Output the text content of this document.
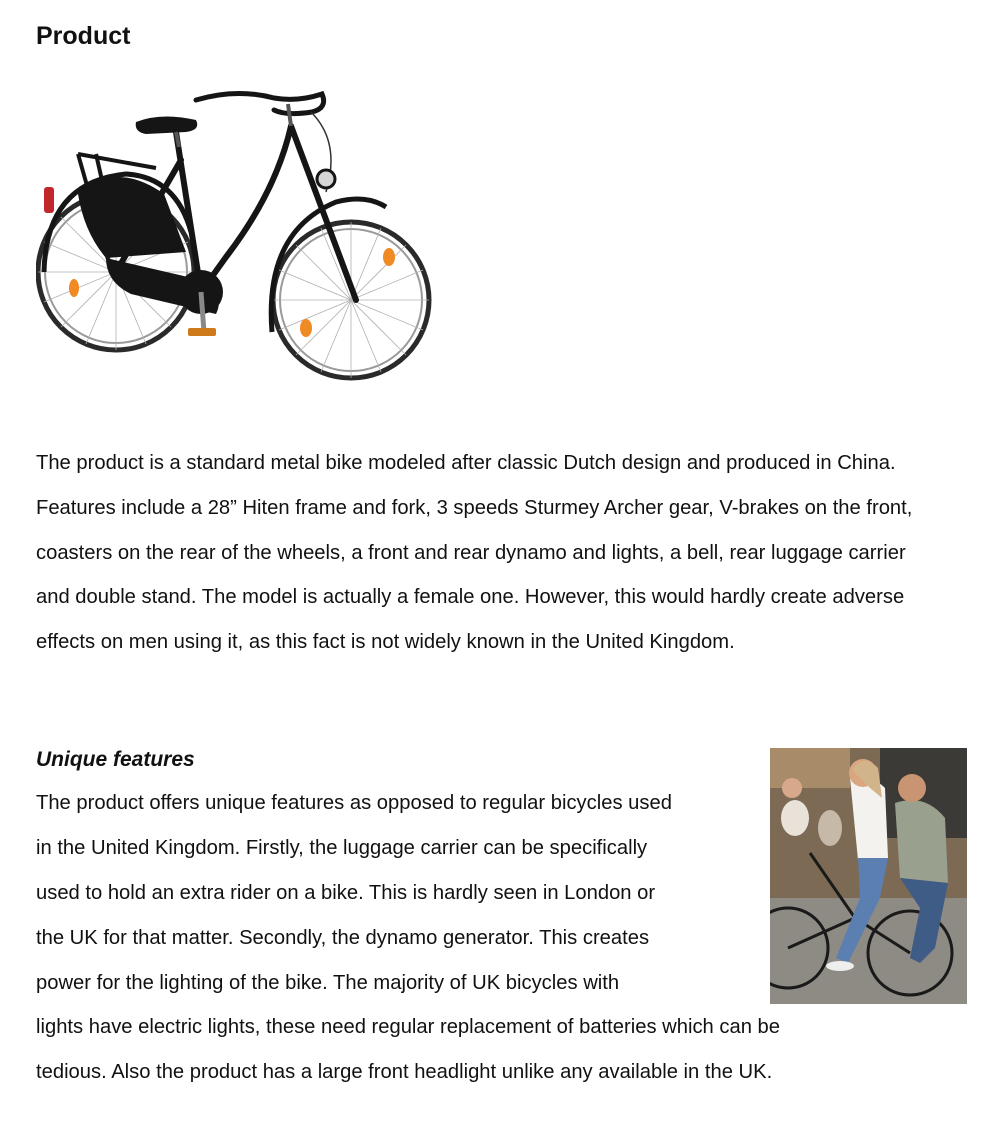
Product

The product is a standard metal bike modeled after classic Dutch design and produced in China. Features include a 28” Hiten frame and fork, 3 speeds Sturmey Archer gear, V-brakes on the front, coasters on the rear of the wheels, a front and rear dynamo and lights, a bell, rear luggage carrier and double stand. The model is actually a female one. However, this would hardly create adverse effects on men using it, as this fact is not widely known in the United Kingdom.

Unique features

The product offers unique features as opposed to regular bicycles used

in the United Kingdom. Firstly, the luggage carrier can be specifically

used to hold an extra rider on a bike. This is hardly seen in London or

the UK for that matter. Secondly, the dynamo generator. This creates

power for the lighting of the bike. The majority of UK bicycles with

lights have electric lights, these need regular replacement of batteries which can be

tedious. Also the product has a large front headlight unlike any available in the UK.
